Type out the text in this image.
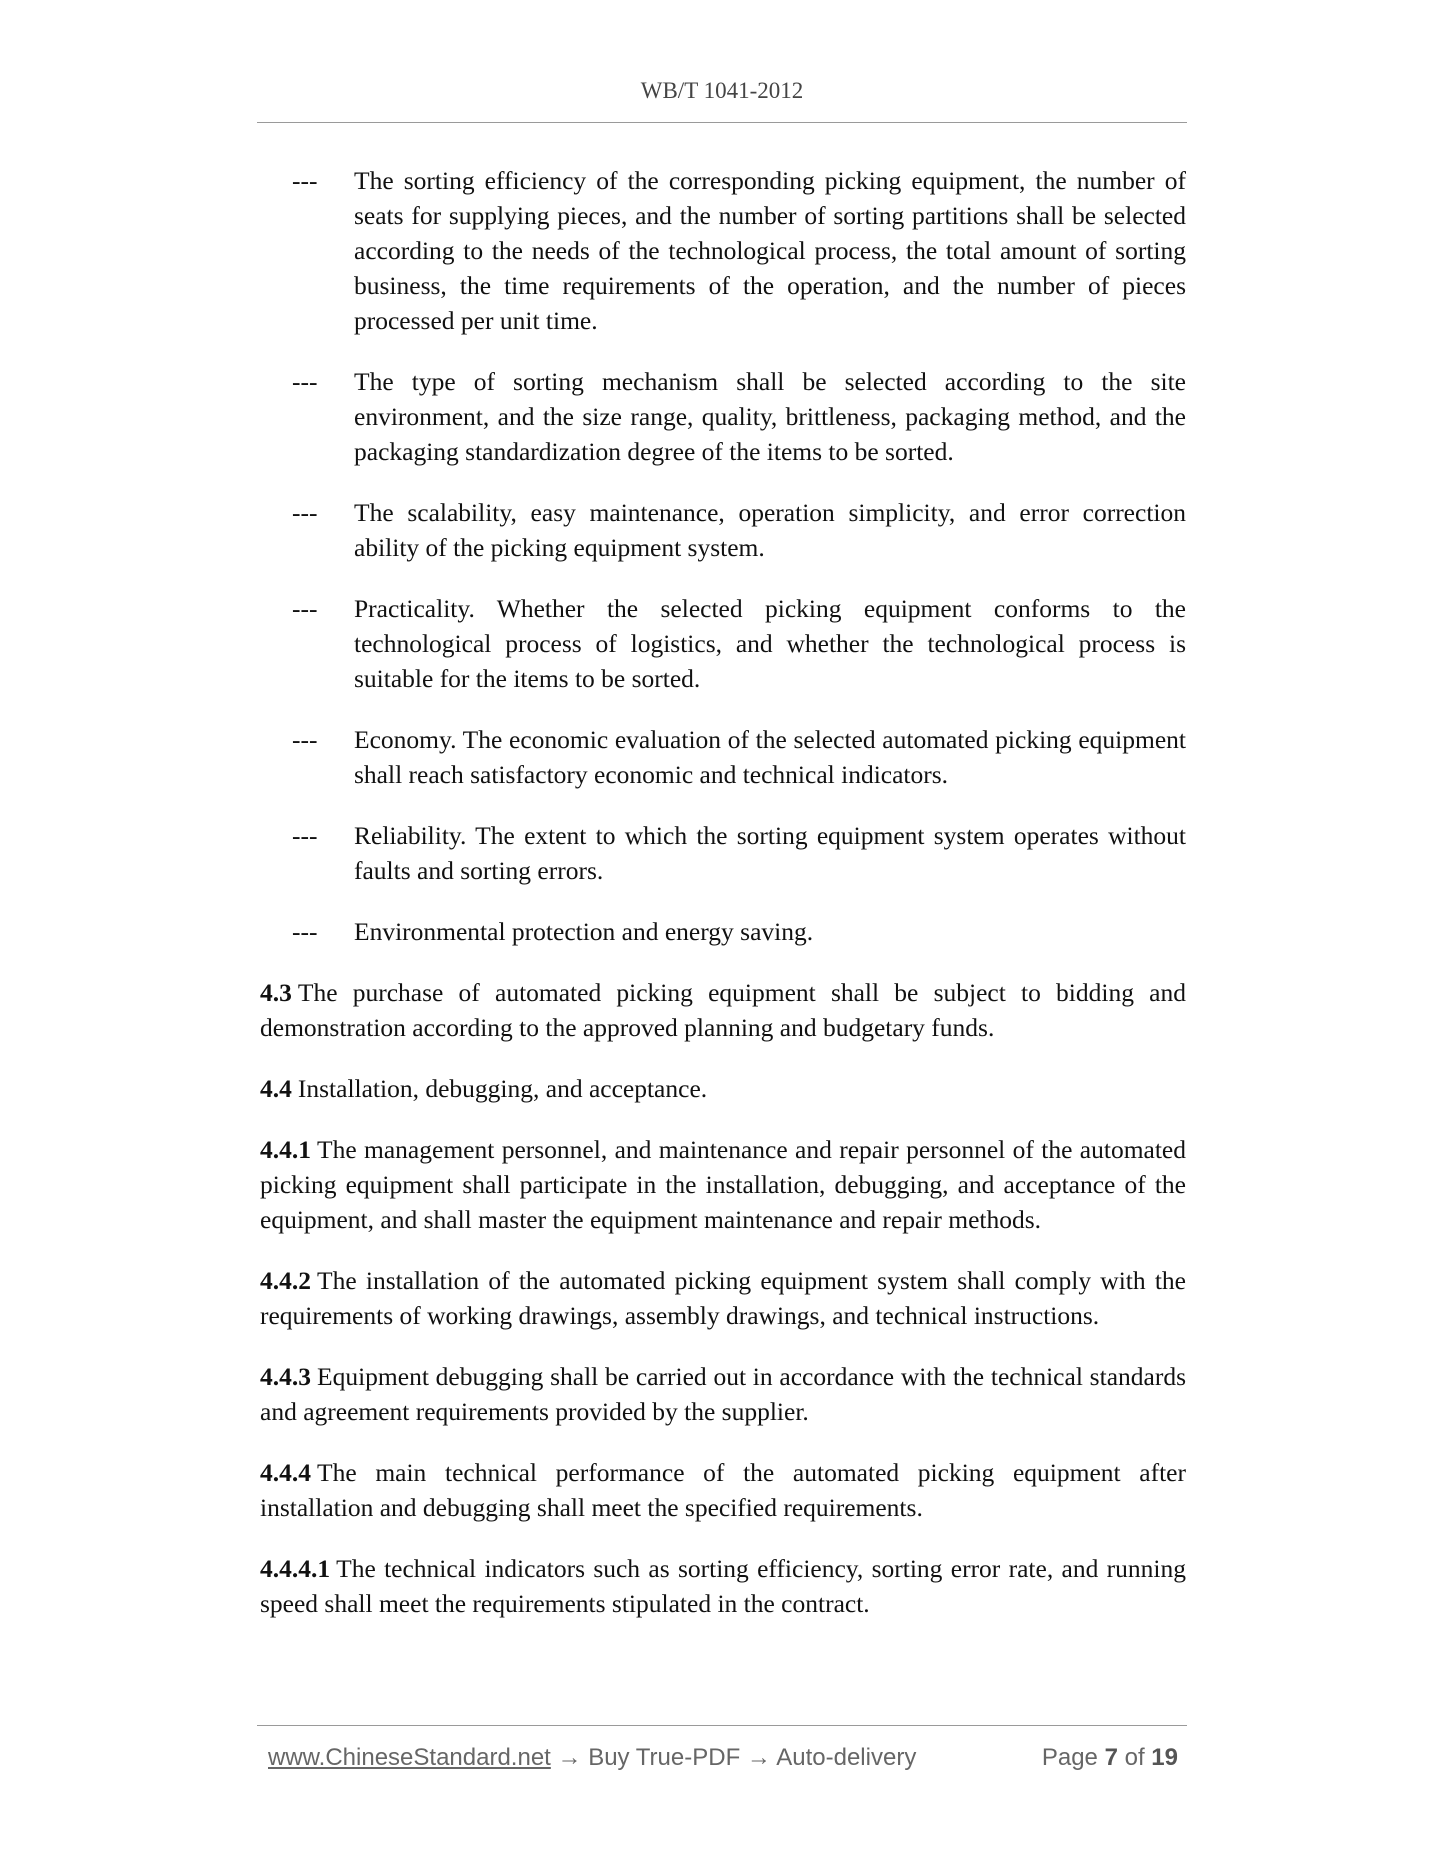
WB/T 1041-2012
---	The sorting efficiency of the corresponding picking equipment, the number of seats for supplying pieces, and the number of sorting partitions shall be selected according to the needs of the technological process, the total amount of sorting business, the time requirements of the operation, and the number of pieces processed per unit time.
---	The type of sorting mechanism shall be selected according to the site environment, and the size range, quality, brittleness, packaging method, and the packaging standardization degree of the items to be sorted.
---	The scalability, easy maintenance, operation simplicity, and error correction ability of the picking equipment system.
---	Practicality. Whether the selected picking equipment conforms to the technological process of logistics, and whether the technological process is suitable for the items to be sorted.
---	Economy. The economic evaluation of the selected automated picking equipment shall reach satisfactory economic and technical indicators.
---	Reliability. The extent to which the sorting equipment system operates without faults and sorting errors.
---	Environmental protection and energy saving.
4.3 The purchase of automated picking equipment shall be subject to bidding and demonstration according to the approved planning and budgetary funds.
4.4 Installation, debugging, and acceptance.
4.4.1 The management personnel, and maintenance and repair personnel of the automated picking equipment shall participate in the installation, debugging, and acceptance of the equipment, and shall master the equipment maintenance and repair methods.
4.4.2 The installation of the automated picking equipment system shall comply with the requirements of working drawings, assembly drawings, and technical instructions.
4.4.3 Equipment debugging shall be carried out in accordance with the technical standards and agreement requirements provided by the supplier.
4.4.4 The main technical performance of the automated picking equipment after installation and debugging shall meet the specified requirements.
4.4.4.1 The technical indicators such as sorting efficiency, sorting error rate, and running speed shall meet the requirements stipulated in the contract.
www.ChineseStandard.net → Buy True-PDF → Auto-delivery	Page 7 of 19
